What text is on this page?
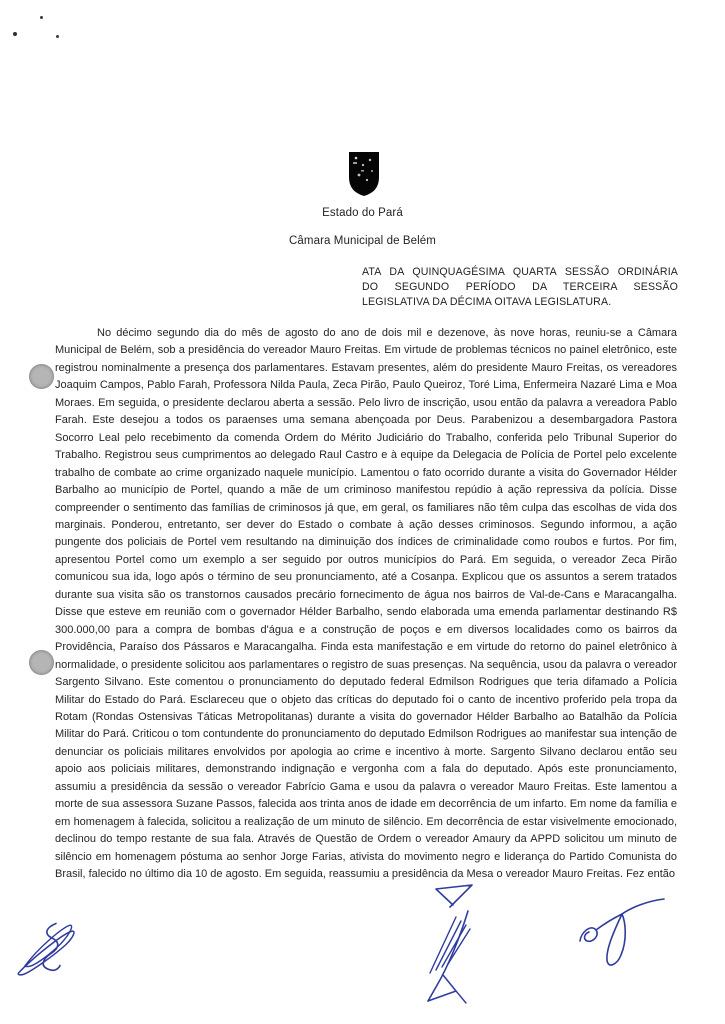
Estado do Pará
Câmara Municipal de Belém
ATA DA QUINQUAGÉSIMA QUARTA SESSÃO ORDINÁRIA
DO SEGUNDO PERÍODO DA TERCEIRA SESSÃO
LEGISLATIVA DA DÉCIMA OITAVA LEGISLATURA.
No décimo segundo dia do mês de agosto do ano de dois mil e dezenove, às nove horas, reuniu-se a Câmara Municipal de Belém, sob a presidência do vereador Mauro Freitas. Em virtude de problemas técnicos no painel eletrônico, este registrou nominalmente a presença dos parlamentares. Estavam presentes, além do presidente Mauro Freitas, os vereadores Joaquim Campos, Pablo Farah, Professora Nilda Paula, Zeca Pirão, Paulo Queiroz, Toré Lima, Enfermeira Nazaré Lima e Moa Moraes. Em seguida, o presidente declarou aberta a sessão. Pelo livro de inscrição, usou então da palavra a vereadora Pablo Farah. Este desejou a todos os paraenses uma semana abençoada por Deus. Parabenizou a desembargadora Pastora Socorro Leal pelo recebimento da comenda Ordem do Mérito Judiciário do Trabalho, conferida pelo Tribunal Superior do Trabalho. Registrou seus cumprimentos ao delegado Raul Castro e à equipe da Delegacia de Polícia de Portel pelo excelente trabalho de combate ao crime organizado naquele município. Lamentou o fato ocorrido durante a visita do Governador Hélder Barbalho ao município de Portel, quando a mãe de um criminoso manifestou repúdio à ação repressiva da polícia. Disse compreender o sentimento das famílias de criminosos já que, em geral, os familiares não têm culpa das escolhas de vida dos marginais. Ponderou, entretanto, ser dever do Estado o combate à ação desses criminosos. Segundo informou, a ação pungente dos policiais de Portel vem resultando na diminuição dos índices de criminalidade como roubos e furtos. Por fim, apresentou Portel como um exemplo a ser seguido por outros municípios do Pará. Em seguida, o vereador Zeca Pirão comunicou sua ida, logo após o término de seu pronunciamento, até a Cosanpa. Explicou que os assuntos a serem tratados durante sua visita são os transtornos causados precário fornecimento de água nos bairros de Val-de-Cans e Maracangalha. Disse que esteve em reunião com o governador Hélder Barbalho, sendo elaborada uma emenda parlamentar destinando R$ 300.000,00 para a compra de bombas d'água e a construção de poços e em diversos localidades como os bairros da Providência, Paraíso dos Pássaros e Maracangalha. Finda esta manifestação e em virtude do retorno do painel eletrônico à normalidade, o presidente solicitou aos parlamentares o registro de suas presenças. Na sequência, usou da palavra o vereador Sargento Silvano. Este comentou o pronunciamento do deputado federal Edmilson Rodrigues que teria difamado a Polícia Militar do Estado do Pará. Esclareceu que o objeto das críticas do deputado foi o canto de incentivo proferido pela tropa da Rotam (Rondas Ostensivas Táticas Metropolitanas) durante a visita do governador Hélder Barbalho ao Batalhão da Polícia Militar do Pará. Criticou o tom contundente do pronunciamento do deputado Edmilson Rodrigues ao manifestar sua intenção de denunciar os policiais militares envolvidos por apologia ao crime e incentivo à morte. Sargento Silvano declarou então seu apoio aos policiais militares, demonstrando indignação e vergonha com a fala do deputado. Após este pronunciamento, assumiu a presidência da sessão o vereador Fabrício Gama e usou da palavra o vereador Mauro Freitas. Este lamentou a morte de sua assessora Suzane Passos, falecida aos trinta anos de idade em decorrência de um infarto. Em nome da família e em homenagem à falecida, solicitou a realização de um minuto de silêncio. Em decorrência de estar visivelmente emocionado, declinou do tempo restante de sua fala. Através de Questão de Ordem o vereador Amaury da APPD solicitou um minuto de silêncio em homenagem póstuma ao senhor Jorge Farias, ativista do movimento negro e liderança do Partido Comunista do Brasil, falecido no último dia 10 de agosto. Em seguida, reassumiu a presidência da Mesa o vereador Mauro Freitas. Fez então
